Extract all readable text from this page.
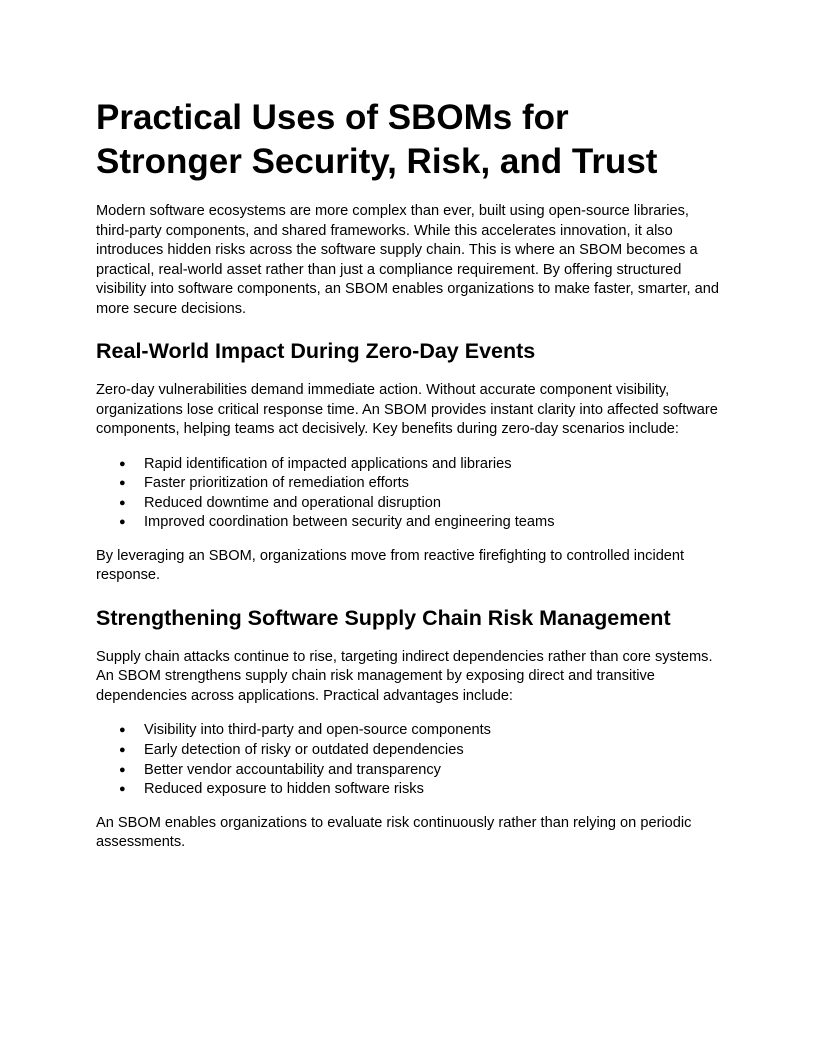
Practical Uses of SBOMs for Stronger Security, Risk, and Trust

Modern software ecosystems are more complex than ever, built using open-source libraries, third-party components, and shared frameworks. While this accelerates innovation, it also introduces hidden risks across the software supply chain. This is where an SBOM becomes a practical, real-world asset rather than just a compliance requirement. By offering structured visibility into software components, an SBOM enables organizations to make faster, smarter, and more secure decisions.

Real-World Impact During Zero-Day Events

Zero-day vulnerabilities demand immediate action. Without accurate component visibility, organizations lose critical response time. An SBOM provides instant clarity into affected software components, helping teams act decisively. Key benefits during zero-day scenarios include:

● Rapid identification of impacted applications and libraries
● Faster prioritization of remediation efforts
● Reduced downtime and operational disruption
● Improved coordination between security and engineering teams

By leveraging an SBOM, organizations move from reactive firefighting to controlled incident response.

Strengthening Software Supply Chain Risk Management

Supply chain attacks continue to rise, targeting indirect dependencies rather than core systems. An SBOM strengthens supply chain risk management by exposing direct and transitive dependencies across applications. Practical advantages include:

● Visibility into third-party and open-source components
● Early detection of risky or outdated dependencies
● Better vendor accountability and transparency
● Reduced exposure to hidden software risks

An SBOM enables organizations to evaluate risk continuously rather than relying on periodic assessments.
